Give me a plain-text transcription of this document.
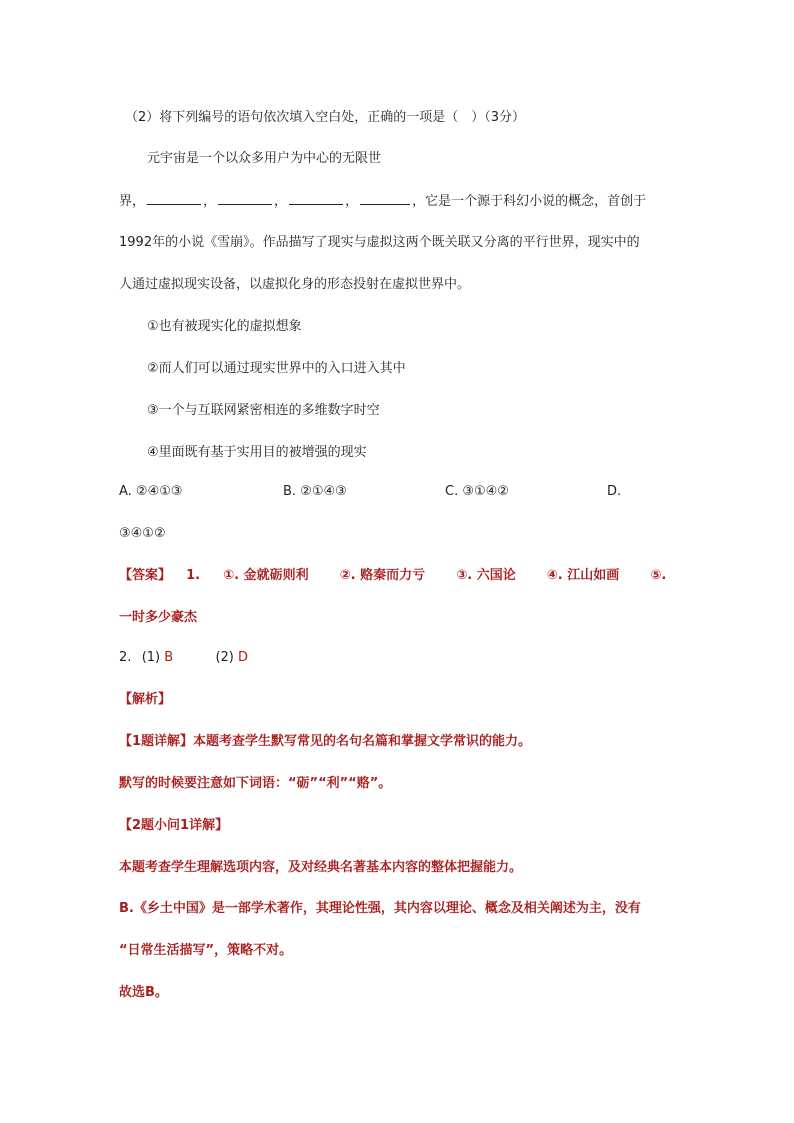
（2）将下列编号的语句依次填入空白处，正确的一项是（　）（3分）
元宇宙是一个以众多用户为中心的无限世
界，	，	，	，	，它是一个源于科幻小说的概念，首创于
1992年的小说《雪崩》。作品描写了现实与虚拟这两个既关联又分离的平行世界，现实中的
人通过虚拟现实设备，以虚拟化身的形态投射在虚拟世界中。
①也有被现实化的虚拟想象
②而人们可以通过现实世界中的入口进入其中
③一个与互联网紧密相连的多维数字时空
④里面既有基于实用目的被增强的现实
A. ②④①③	B. ②①④③	C. ③①④②	D.
③④①②
【答案】 1. ①. 金就砺则利 ②. 赂秦而力亏 ③. 六国论 ④. 江山如画 ⑤.
一时多少豪杰
2. (1) B	(2) D
【解析】
【1题详解】本题考查学生默写常见的名句名篇和掌握文学常识的能力。
默写的时候要注意如下词语：“砺”“利”“赂”。
【2题小问1详解】
本题考查学生理解选项内容，及对经典名著基本内容的整体把握能力。
B.《乡土中国》是一部学术著作，其理论性强，其内容以理论、概念及相关阐述为主，没有
“日常生活描写”，策略不对。
故选B。
